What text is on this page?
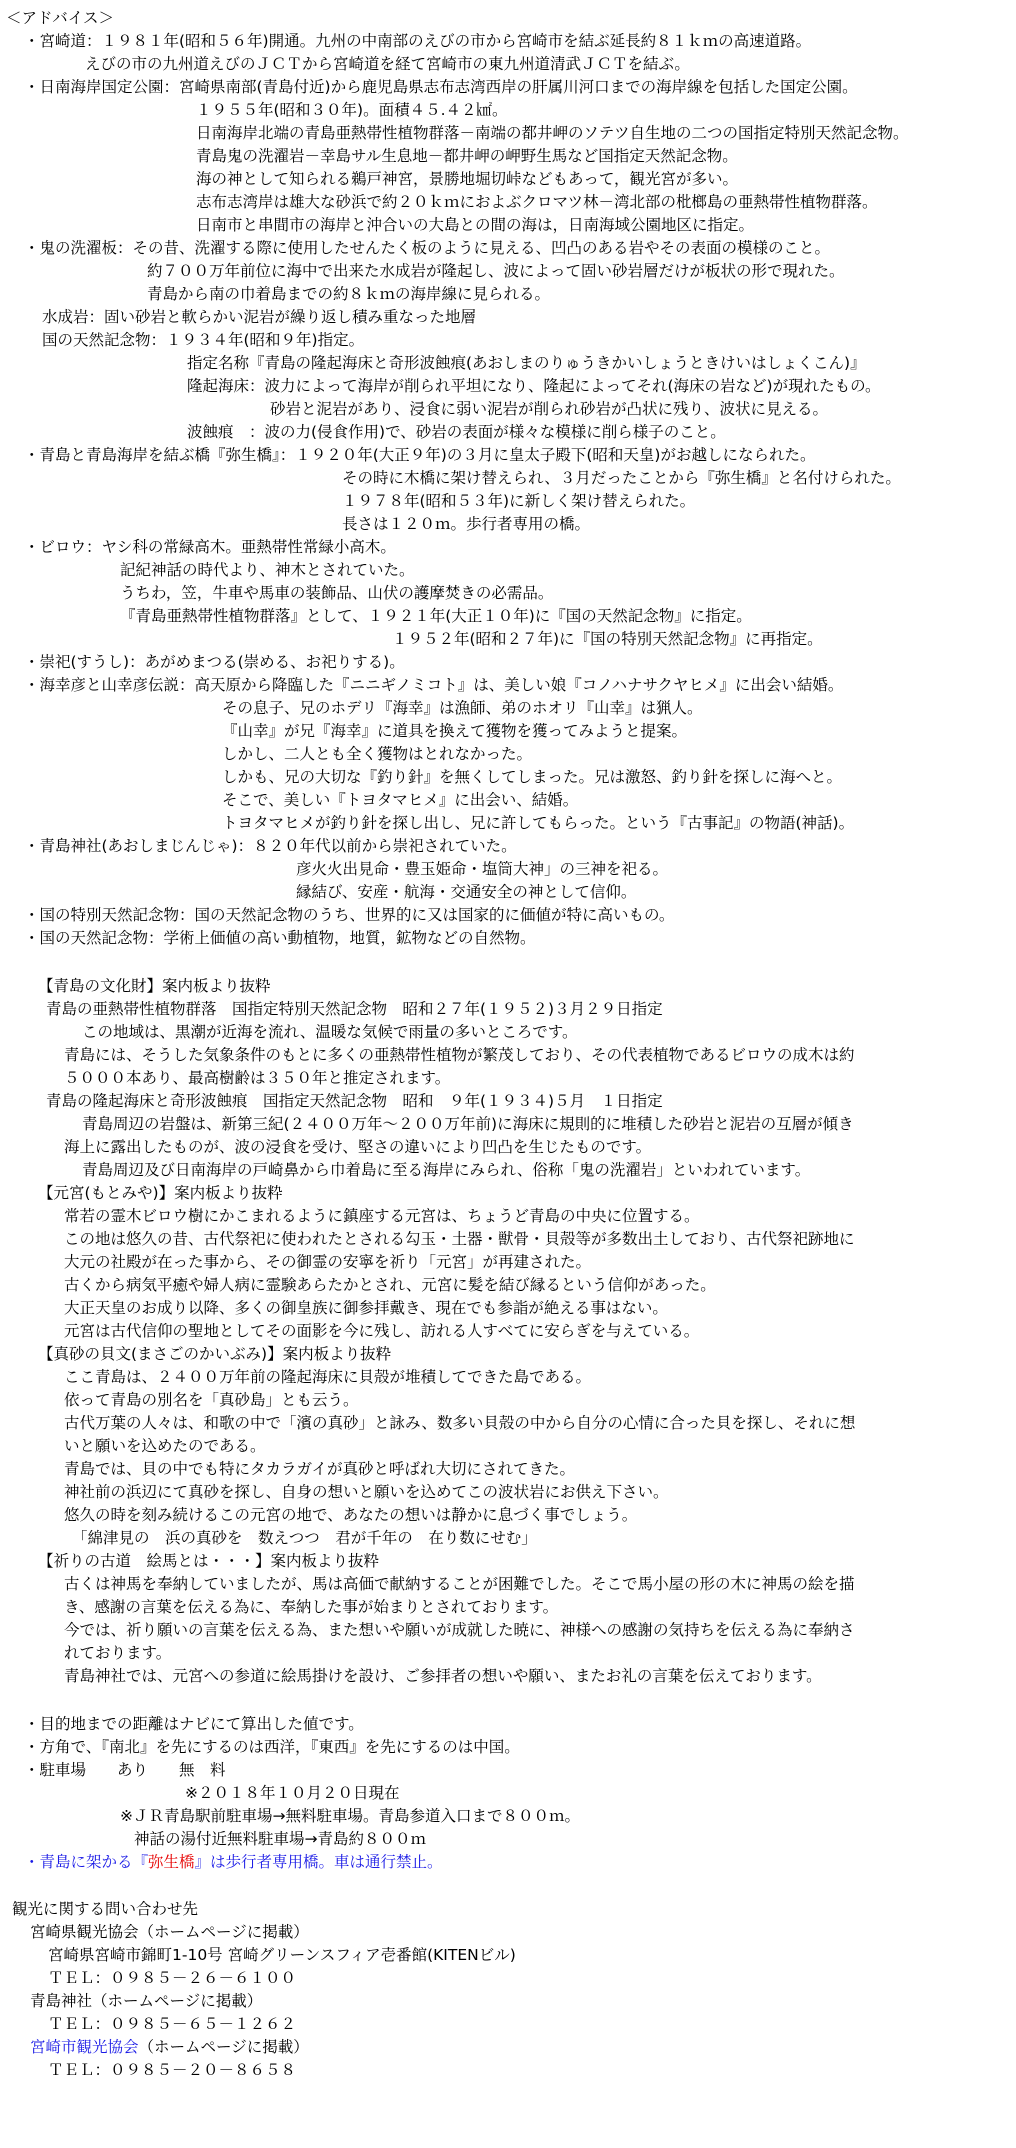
＜アドバイス＞
・宮崎道：１９８１年(昭和５６年)開通。九州の中南部のえびの市から宮崎市を結ぶ延長約８１ｋｍの高速道路。
えびの市の九州道えびのＪＣＴから宮崎道を経て宮崎市の東九州道清武ＪＣＴを結ぶ。
・日南海岸国定公園：宮崎県南部(青島付近)から鹿児島県志布志湾西岸の肝属川河口までの海岸線を包括した国定公園。
１９５５年(昭和３０年)。面積４５.４２㎢。
日南海岸北端の青島亜熱帯性植物群落－南端の都井岬のソテツ自生地の二つの国指定特別天然記念物。
青島鬼の洗濯岩－幸島サル生息地－都井岬の岬野生馬など国指定天然記念物。
海の神として知られる鵜戸神宮，景勝地堀切峠などもあって，観光宮が多い。
志布志湾岸は雄大な砂浜で約２０ｋｍにおよぶクロマツ林－湾北部の枇榔島の亜熱帯性植物群落。
日南市と串間市の海岸と沖合いの大島との間の海は，日南海域公園地区に指定。
・鬼の洗濯板：その昔、洗濯する際に使用したせんたく板のように見える、凹凸のある岩やその表面の模様のこと。
約７００万年前位に海中で出来た水成岩が隆起し、波によって固い砂岩層だけが板状の形で現れた。
青島から南の巾着島までの約８ｋｍの海岸線に見られる。
水成岩：固い砂岩と軟らかい泥岩が繰り返し積み重なった地層
国の天然記念物：１９３４年(昭和９年)指定。
指定名称『青島の隆起海床と奇形波蝕痕(あおしまのりゅうきかいしょうときけいはしょくこん)』
隆起海床：波力によって海岸が削られ平坦になり、隆起によってそれ(海床の岩など)が現れたもの。
砂岩と泥岩があり、浸食に弱い泥岩が削られ砂岩が凸状に残り、波状に見える。
波蝕痕　：波の力(侵食作用)で、砂岩の表面が様々な模様に削ら様子のこと。
・青島と青島海岸を結ぶ橋『弥生橋』：１９２０年(大正９年)の３月に皇太子殿下(昭和天皇)がお越しになられた。
その時に木橋に架け替えられ、３月だったことから『弥生橋』と名付けられた。
１９７８年(昭和５３年)に新しく架け替えられた。
長さは１２０ｍ。歩行者専用の橋。
・ビロウ：ヤシ科の常緑高木。亜熱帯性常緑小高木。
記紀神話の時代より、神木とされていた。
うちわ，笠，牛車や馬車の装飾品、山伏の護摩焚きの必需品。
『青島亜熱帯性植物群落』として、１９２１年(大正１０年)に『国の天然記念物』に指定。
１９５２年(昭和２７年)に『国の特別天然記念物』に再指定。
・崇祀(すうし)：あがめまつる(崇める、お祀りする)。
・海幸彦と山幸彦伝説：高天原から降臨した『ニニギノミコト』は、美しい娘『コノハナサクヤヒメ』に出会い結婚。
その息子、兄のホデリ『海幸』は漁師、弟のホオリ『山幸』は猟人。
『山幸』が兄『海幸』に道具を換えて獲物を獲ってみようと提案。
しかし、二人とも全く獲物はとれなかった。
しかも、兄の大切な『釣り針』を無くしてしまった。兄は激怒、釣り針を探しに海へと。
そこで、美しい『トヨタマヒメ』に出会い、結婚。
トヨタマヒメが釣り針を探し出し、兄に許してもらった。という『古事記』の物語(神話)。
・青島神社(あおしまじんじゃ)：８２０年代以前から崇祀されていた。
彦火火出見命・豊玉姫命・塩筒大神」の三神を祀る。
縁結び、安産・航海・交通安全の神として信仰。
・国の特別天然記念物：国の天然記念物のうち、世界的に又は国家的に価値が特に高いもの。
・国の天然記念物：学術上価値の高い動植物，地質，鉱物などの自然物。
【青島の文化財】案内板より抜粋
青島の亜熱帯性植物群落　国指定特別天然記念物　昭和２７年(１９５２)３月２９日指定
この地域は、黒潮が近海を流れ、温暖な気候で雨量の多いところです。
青島には、そうした気象条件のもとに多くの亜熱帯性植物が繁茂しており、その代表植物であるビロウの成木は約
５０００本あり、最高樹齢は３５０年と推定されます。
青島の隆起海床と奇形波蝕痕　国指定天然記念物　昭和　９年(１９３４)５月　１日指定
青島周辺の岩盤は、新第三紀(２４００万年～２００万年前)に海床に規則的に堆積した砂岩と泥岩の互層が傾き
海上に露出したものが、波の浸食を受け、堅さの違いにより凹凸を生じたものです。
青島周辺及び日南海岸の戸崎鼻から巾着島に至る海岸にみられ、俗称「鬼の洗濯岩」といわれています。
【元宮(もとみや)】案内板より抜粋
常若の霊木ビロウ樹にかこまれるように鎮座する元宮は、ちょうど青島の中央に位置する。
この地は悠久の昔、古代祭祀に使われたとされる勾玉・土器・獣骨・貝殻等が多数出土しており、古代祭祀跡地に
大元の社殿が在った事から、その御霊の安寧を祈り「元宮」が再建された。
古くから病気平癒や婦人病に霊験あらたかとされ、元宮に髪を結び縁るという信仰があった。
大正天皇のお成り以降、多くの御皇族に御参拝戴き、現在でも参詣が絶える事はない。
元宮は古代信仰の聖地としてその面影を今に残し、訪れる人すべてに安らぎを与えている。
【真砂の貝文(まさごのかいぶみ)】案内板より抜粋
ここ青島は、２４００万年前の隆起海床に貝殻が堆積してできた島である。
依って青島の別名を「真砂島」とも云う。
古代万葉の人々は、和歌の中で「濱の真砂」と詠み、数多い貝殻の中から自分の心情に合った貝を探し、それに想
いと願いを込めたのである。
青島では、貝の中でも特にタカラガイが真砂と呼ばれ大切にされてきた。
神社前の浜辺にて真砂を探し、自身の想いと願いを込めてこの波状岩にお供え下さい。
悠久の時を刻み続けるこの元宮の地で、あなたの想いは静かに息づく事でしょう。
「綿津見の　浜の真砂を　数えつつ　君が千年の　在り数にせむ」
【祈りの古道　絵馬とは・・・】案内板より抜粋
古くは神馬を奉納していましたが、馬は高価で献納することが困難でした。そこで馬小屋の形の木に神馬の絵を描
き、感謝の言葉を伝える為に、奉納した事が始まりとされております。
今では、祈り願いの言葉を伝える為、また想いや願いが成就した暁に、神様への感謝の気持ちを伝える為に奉納さ
れております。
青島神社では、元宮への参道に絵馬掛けを設け、ご参拝者の想いや願い、またお礼の言葉を伝えております。
・目的地までの距離はナビにて算出した値です。
・方角で、『南北』を先にするのは西洋，『東西』を先にするのは中国。
・駐車場　　あり　　無　料
※２０１８年１０月２０日現在
※ＪＲ青島駅前駐車場→無料駐車場。青島参道入口まで８００ｍ。
神話の湯付近無料駐車場→青島約８００ｍ
・青島に架かる『弥生橋』は歩行者専用橋。車は通行禁止。
観光に関する問い合わせ先
宮崎県観光協会（ホームページに掲載）
宮崎県宮崎市錦町1-10号 宮崎グリーンスフィア壱番館(KITENビル)
ＴＥＬ：０９８５－２６－６１００
青島神社（ホームページに掲載）
ＴＥＬ：０９８５－６５－１２６２
宮崎市観光協会（ホームページに掲載）
ＴＥＬ：０９８５－２０－８６５８
